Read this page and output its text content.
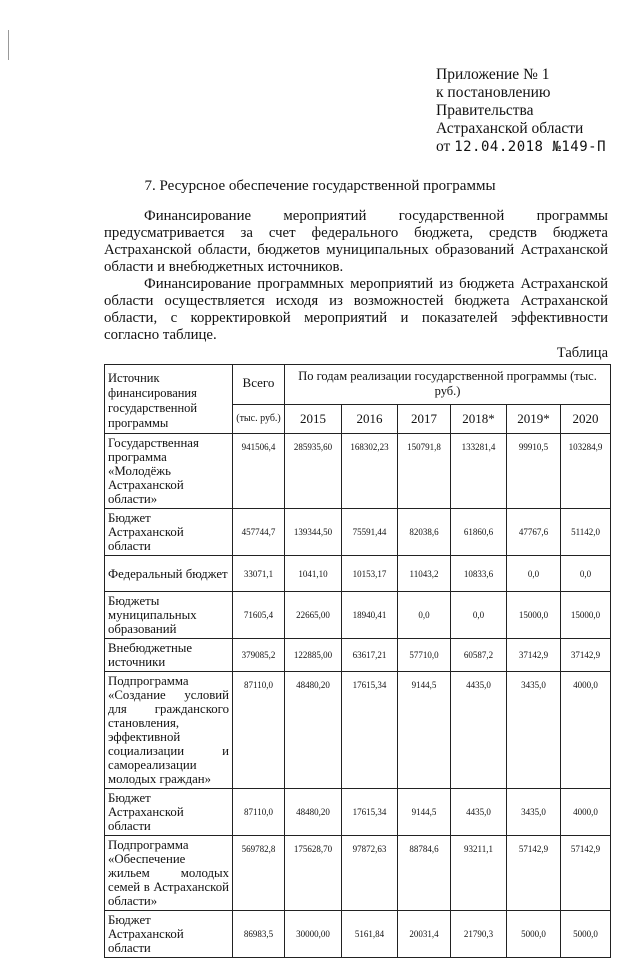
Приложение № 1
к постановлению
Правительства
Астраханской области
от 12.04.2018 №149-П
7. Ресурсное обеспечение государственной программы

Финансирование мероприятий государственной программы предусматривается за счет федерального бюджета, средств бюджета Астраханской области, бюджетов муниципальных образований Астраханской области и внебюджетных источников.

Финансирование программных мероприятий из бюджета Астраханской области осуществляется исходя из возможностей бюджета Астраханской области, с корректировкой мероприятий и показателей эффективности согласно таблице.

Таблица
Источник финансирования государственной программы	Всего	По годам реализации государственной программы (тыс. руб.)					
	(тыс. руб.)	2015	2016	2017	2018*	2019*	2020
Государственная программа «Молодёжь Астраханской области»	941506,4	285935,60	168302,23	150791,8	133281,4	99910,5	103284,9
Бюджет Астраханской области	457744,7	139344,50	75591,44	82038,6	61860,6	47767,6	51142,0
Федеральный бюджет	33071,1	1041,10	10153,17	11043,2	10833,6	0,0	0,0
Бюджеты муниципальных образований	71605,4	22665,00	18940,41	0,0	0,0	15000,0	15000,0
Внебюджетные источники	379085,2	122885,00	63617,21	57710,0	60587,2	37142,9	37142,9
Подпрограмма «Создание условий для гражданского становления, эффективной социализации и самореализации молодых граждан»	87110,0	48480,20	17615,34	9144,5	4435,0	3435,0	4000,0
Бюджет Астраханской области	87110,0	48480,20	17615,34	9144,5	4435,0	3435,0	4000,0
Подпрограмма «Обеспечение жильем молодых семей в Астраханской области»	569782,8	175628,70	97872,63	88784,6	93211,1	57142,9	57142,9
Бюджет Астраханской области	86983,5	30000,00	5161,84	20031,4	21790,3	5000,0	5000,0
